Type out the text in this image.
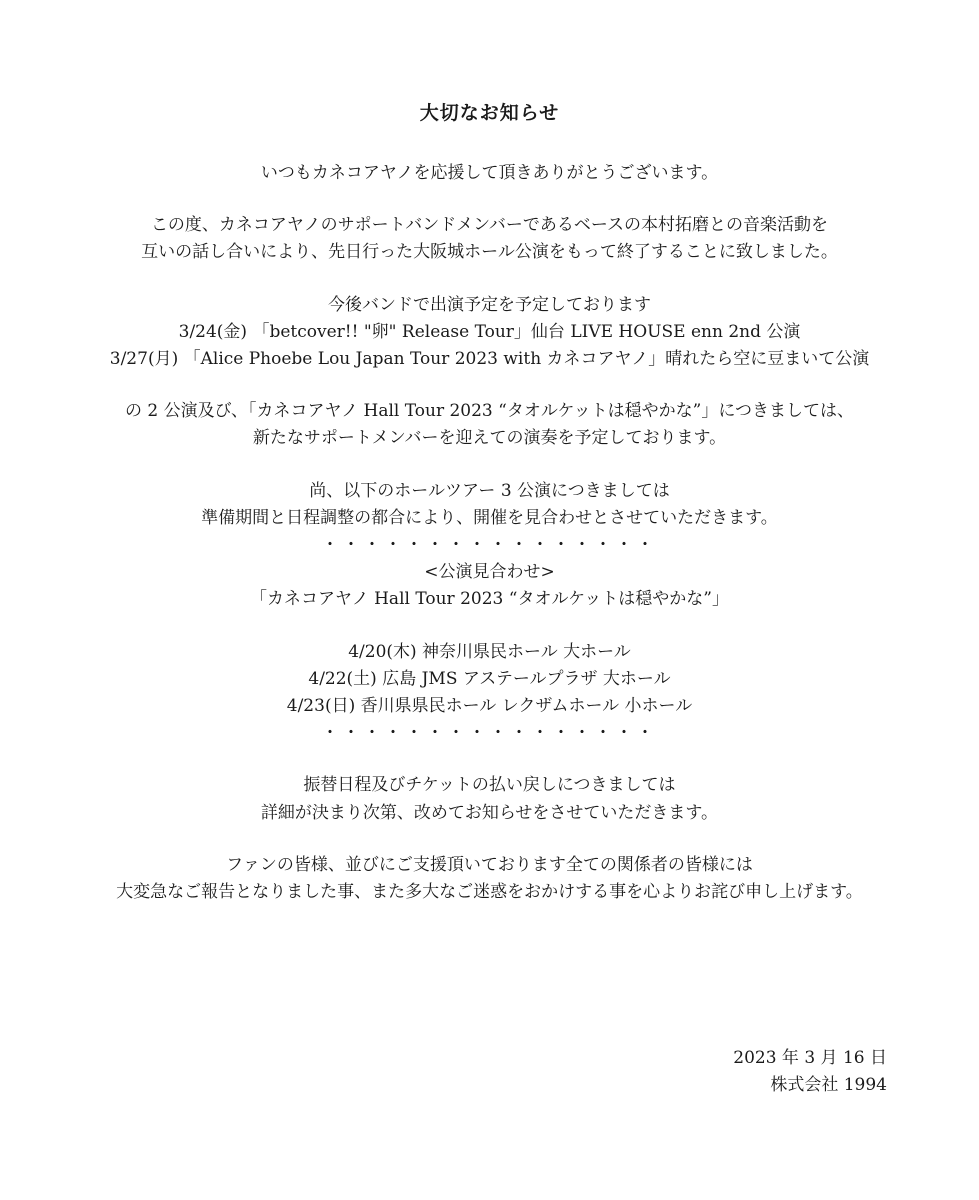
大切なお知らせ
いつもカネコアヤノを応援して頂きありがとうございます。
この度、カネコアヤノのサポートバンドメンバーであるベースの本村拓磨との音楽活動を
互いの話し合いにより、先日行った大阪城ホール公演をもって終了することに致しました。
今後バンドで出演予定を予定しております
3/24(金) 「betcover!! "卵" Release Tour」仙台 LIVE HOUSE enn 2nd 公演
3/27(月) 「Alice Phoebe Lou Japan Tour 2023 with カネコアヤノ」晴れたら空に豆まいて公演
の 2 公演及び、「カネコアヤノ Hall Tour 2023 “タオルケットは穏やかな”」につきましては、
新たなサポートメンバーを迎えての演奏を予定しております。
尚、以下のホールツアー 3 公演につきましては
準備期間と日程調整の都合により、開催を見合わせとさせていただきます。
・・・・・・・・・・・・・・・・
<公演見合わせ>
「カネコアヤノ Hall Tour 2023 “タオルケットは穏やかな”」
4/20(木) 神奈川県民ホール 大ホール
4/22(土) 広島 JMS アステールプラザ 大ホール
4/23(日) 香川県県民ホール レクザムホール 小ホール
・・・・・・・・・・・・・・・・
振替日程及びチケットの払い戻しにつきましては
詳細が決まり次第、改めてお知らせをさせていただきます。
ファンの皆様、並びにご支援頂いております全ての関係者の皆様には
大変急なご報告となりました事、また多大なご迷惑をおかけする事を心よりお詫び申し上げます。
2023 年 3 月 16 日
株式会社 1994
